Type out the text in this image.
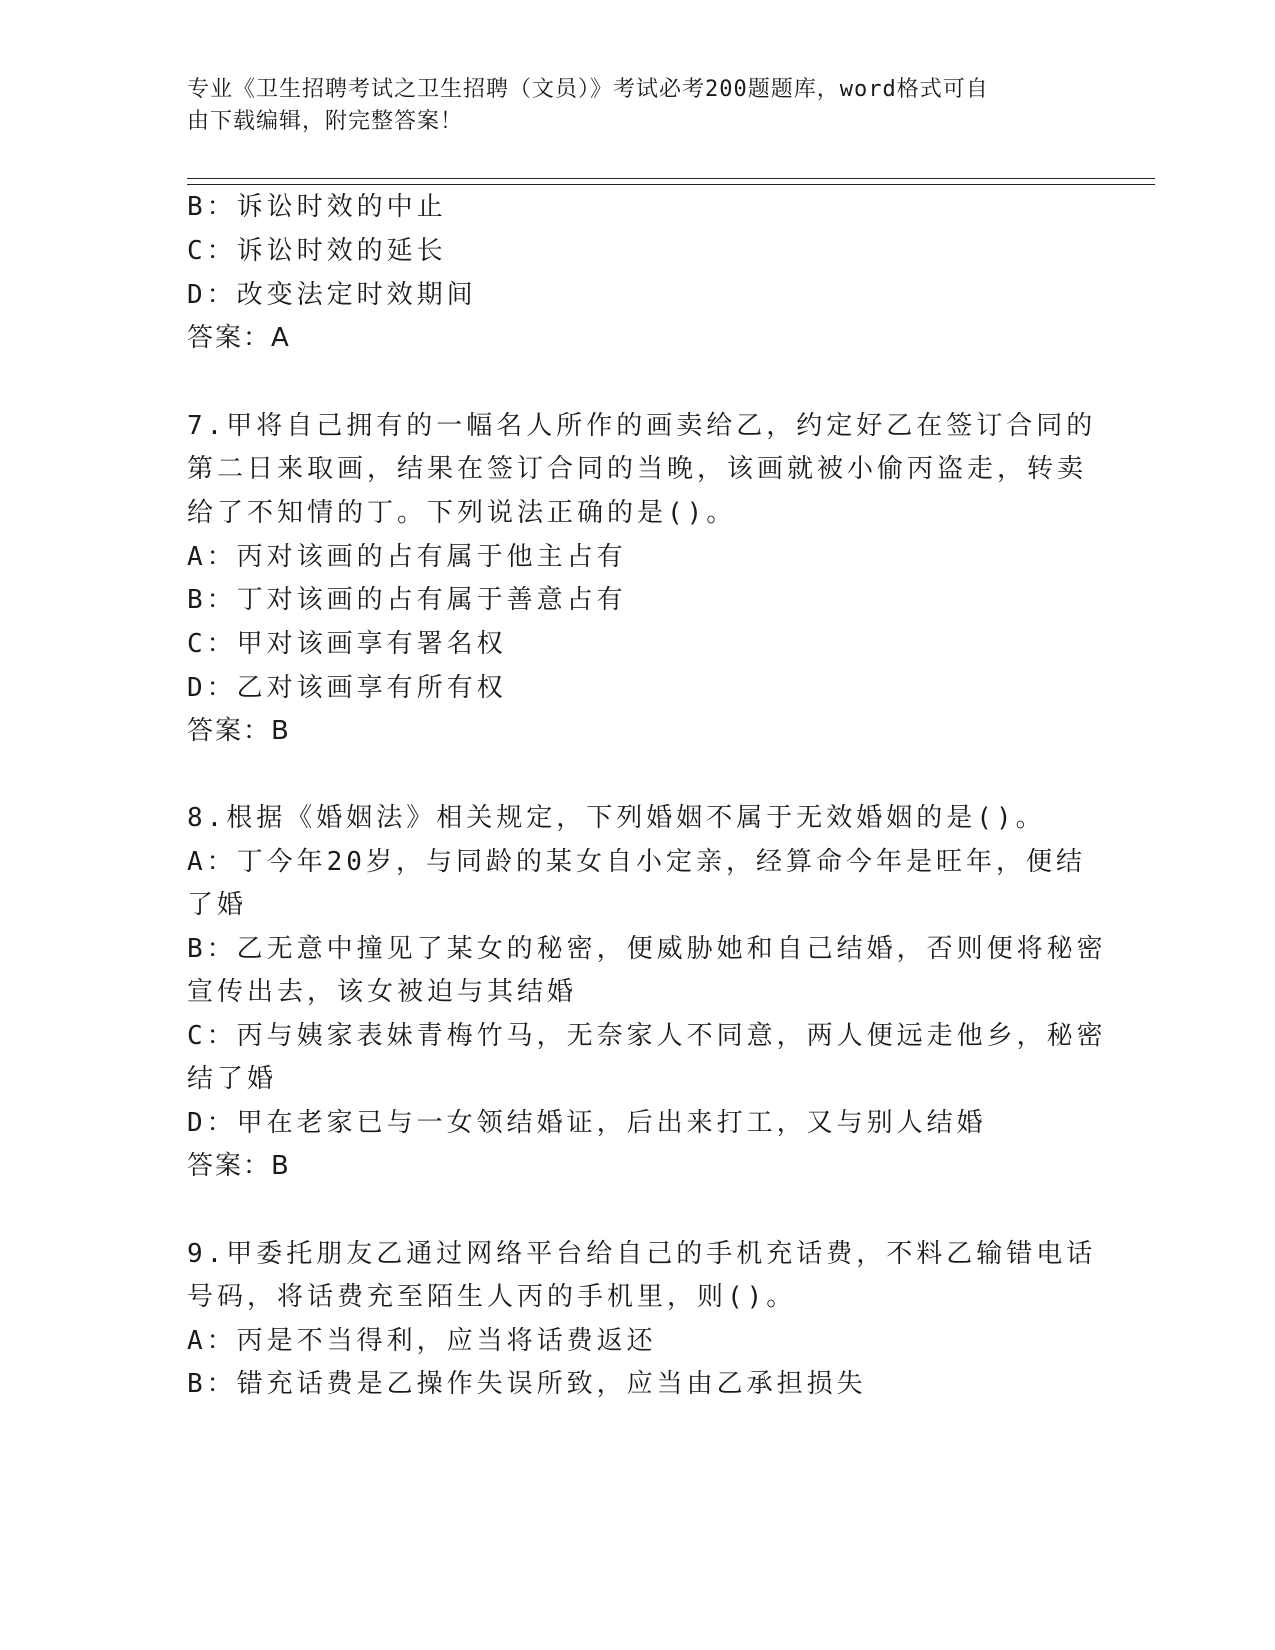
专业《卫生招聘考试之卫生招聘（文员）》考试必考200题题库，word格式可自
由下载编辑，附完整答案！
B：诉讼时效的中止
C：诉讼时效的延长
D：改变法定时效期间
答案：A
7.甲将自己拥有的一幅名人所作的画卖给乙，约定好乙在签订合同的
第二日来取画，结果在签订合同的当晚，该画就被小偷丙盗走，转卖
给了不知情的丁。下列说法正确的是()。
A：丙对该画的占有属于他主占有
B：丁对该画的占有属于善意占有
C：甲对该画享有署名权
D：乙对该画享有所有权
答案：B
8.根据《婚姻法》相关规定，下列婚姻不属于无效婚姻的是()。
A：丁今年20岁，与同龄的某女自小定亲，经算命今年是旺年，便结
了婚
B：乙无意中撞见了某女的秘密，便威胁她和自己结婚，否则便将秘密
宣传出去，该女被迫与其结婚
C：丙与姨家表妹青梅竹马，无奈家人不同意，两人便远走他乡，秘密
结了婚
D：甲在老家已与一女领结婚证，后出来打工，又与别人结婚
答案：B
9.甲委托朋友乙通过网络平台给自己的手机充话费，不料乙输错电话
号码，将话费充至陌生人丙的手机里，则()。
A：丙是不当得利，应当将话费返还
B：错充话费是乙操作失误所致，应当由乙承担损失
